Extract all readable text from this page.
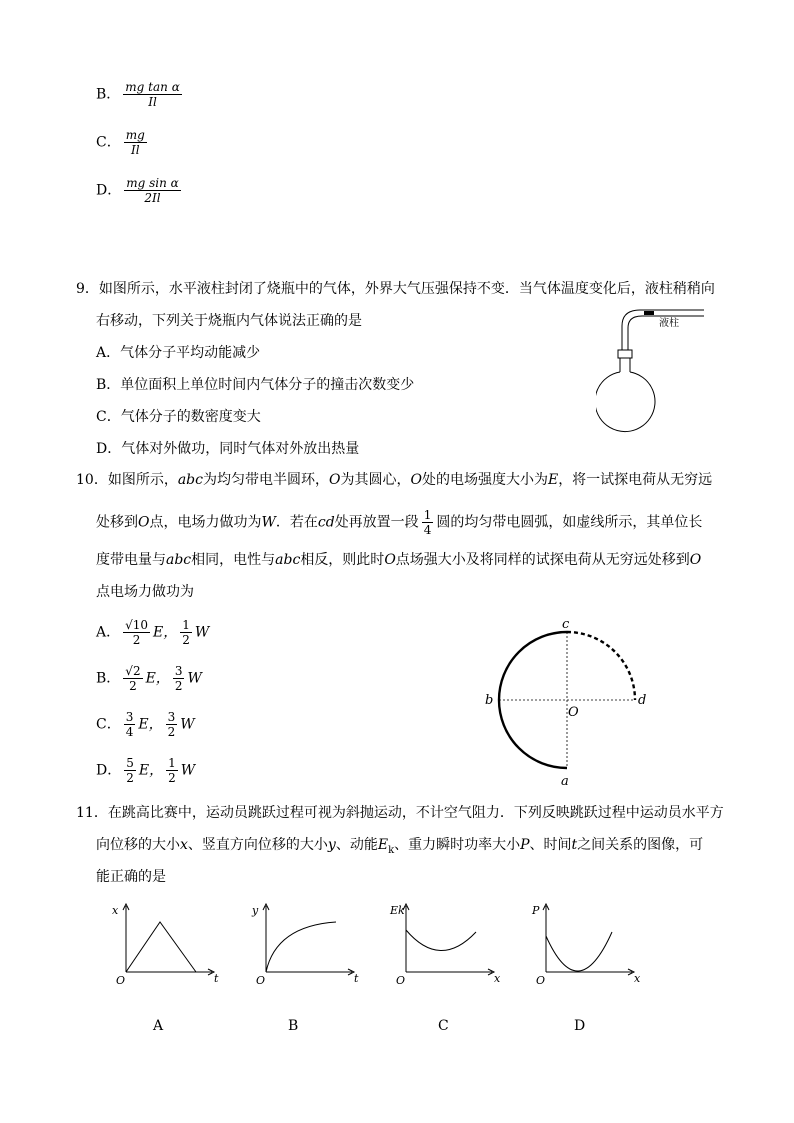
B． $\frac{\text{mg tan α}}{Il}$
C． $\frac{mg}{Il}$
D． $\frac{\text{mg sin α}}{2Il}$
9．如图所示，水平液柱封闭了烧瓶中的气体，外界大气压强保持不变．当气体温度变化后，液柱稍稍向
右移动，下列关于烧瓶内气体说法正确的是
A．气体分子平均动能减少
B．单位面积上单位时间内气体分子的撞击次数变少
C．气体分子的数密度变大
D．气体对外做功，同时气体对外放出热量
液柱
10．如图所示，abc为均匀带电半圆环，O为其圆心，O处的电场强度大小为E，将一试探电荷从无穷远
处移到O点，电场力做功为W．若在cd处再放置一段 $\frac{1}{4}$ 圆的均匀带电圆弧，如虚线所示，其单位长
度带电量与abc相同，电性与abc相反，则此时O点场强大小及将同样的试探电荷从无穷远处移到O
点电场力做功为
A． $\frac{√10}{2}$ E， $\frac{1}{2}$ W
B． $\frac{√2}{2}$ E， $\frac{3}{2}$ W
C． $\frac{3}{4}$ E， $\frac{3}{2}$ W
D． $\frac{5}{2}$ E， $\frac{1}{2}$ W
c
b	d
O
a
11．在跳高比赛中，运动员跳跃过程可视为斜抛运动，不计空气阻力．下列反映跳跃过程中运动员水平方
向位移的大小x、竖直方向位移的大小y、动能$E_k$、重力瞬时功率大小P、时间t之间关系的图像，可
能正确的是
x
t
O
y
t
O
Ek
x
O
P
x
O
A	B	C	D
